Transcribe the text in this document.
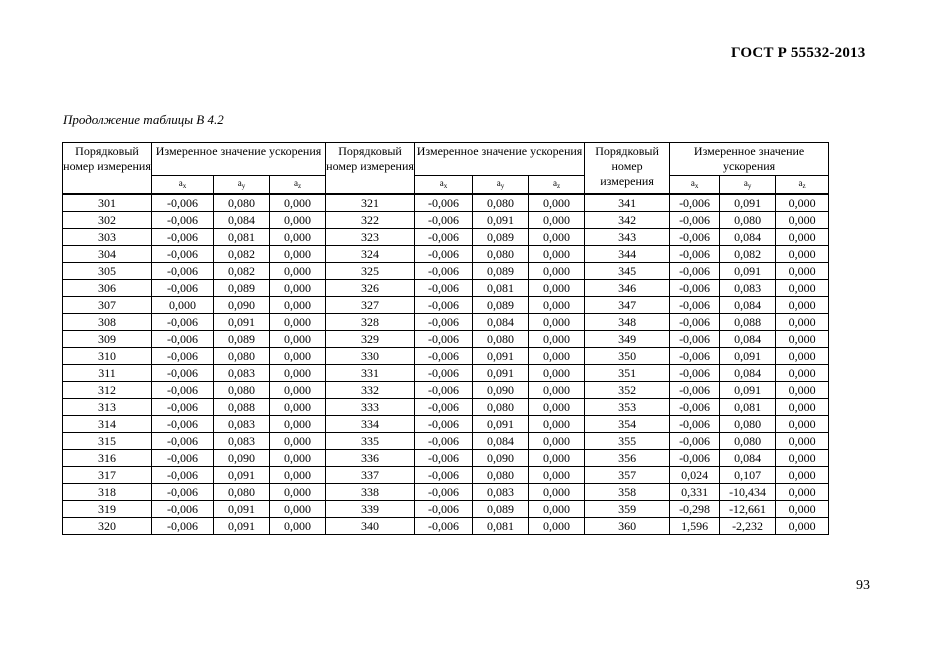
ГОСТ Р 55532-2013
Продолжение таблицы В 4.2
Порядковый номер измерения	Измеренное значение ускорения			Порядковый номер измерения	Измеренное значение ускорения			Порядковый номер измерения	Измеренное значение ускорения		
	$a_x$	$a_y$	$a_z$		$a_x$	$a_y$	$a_z$		$a_x$	$a_y$	$a_z$
301	-0,006	0,080	0,000	321	-0,006	0,080	0,000	341	-0,006	0,091	0,000
302	-0,006	0,084	0,000	322	-0,006	0,091	0,000	342	-0,006	0,080	0,000
303	-0,006	0,081	0,000	323	-0,006	0,089	0,000	343	-0,006	0,084	0,000
304	-0,006	0,082	0,000	324	-0,006	0,080	0,000	344	-0,006	0,082	0,000
305	-0,006	0,082	0,000	325	-0,006	0,089	0,000	345	-0,006	0,091	0,000
306	-0,006	0,089	0,000	326	-0,006	0,081	0,000	346	-0,006	0,083	0,000
307	0,000	0,090	0,000	327	-0,006	0,089	0,000	347	-0,006	0,084	0,000
308	-0,006	0,091	0,000	328	-0,006	0,084	0,000	348	-0,006	0,088	0,000
309	-0,006	0,089	0,000	329	-0,006	0,080	0,000	349	-0,006	0,084	0,000
310	-0,006	0,080	0,000	330	-0,006	0,091	0,000	350	-0,006	0,091	0,000
311	-0,006	0,083	0,000	331	-0,006	0,091	0,000	351	-0,006	0,084	0,000
312	-0,006	0,080	0,000	332	-0,006	0,090	0,000	352	-0,006	0,091	0,000
313	-0,006	0,088	0,000	333	-0,006	0,080	0,000	353	-0,006	0,081	0,000
314	-0,006	0,083	0,000	334	-0,006	0,091	0,000	354	-0,006	0,080	0,000
315	-0,006	0,083	0,000	335	-0,006	0,084	0,000	355	-0,006	0,080	0,000
316	-0,006	0,090	0,000	336	-0,006	0,090	0,000	356	-0,006	0,084	0,000
317	-0,006	0,091	0,000	337	-0,006	0,080	0,000	357	0,024	0,107	0,000
318	-0,006	0,080	0,000	338	-0,006	0,083	0,000	358	0,331	-10,434	0,000
319	-0,006	0,091	0,000	339	-0,006	0,089	0,000	359	-0,298	-12,661	0,000
320	-0,006	0,091	0,000	340	-0,006	0,081	0,000	360	1,596	-2,232	0,000
93
